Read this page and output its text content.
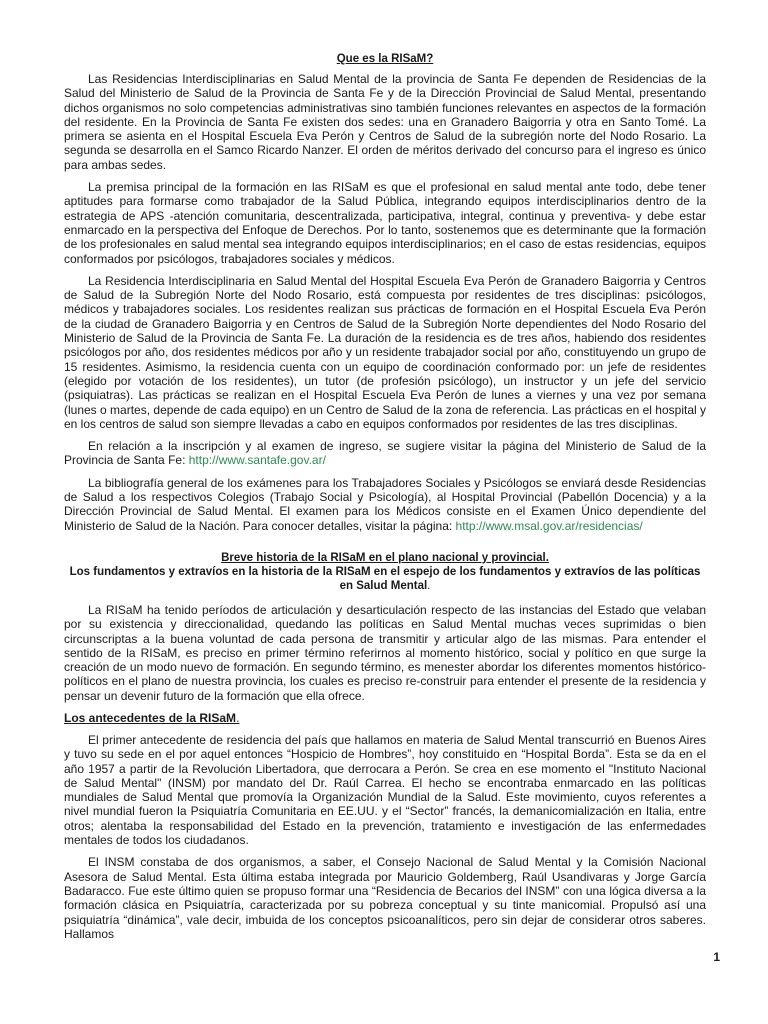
Que es la RISaM?

Las Residencias Interdisciplinarias en Salud Mental de la provincia de Santa Fe dependen de Residencias de la Salud del Ministerio de Salud de la Provincia de Santa Fe y de la Dirección Provincial de Salud Mental, presentando dichos organismos no solo competencias administrativas sino también funciones relevantes en aspectos de la formación del residente. En la Provincia de Santa Fe existen dos sedes: una en Granadero Baigorria y otra en Santo Tomé. La primera se asienta en el Hospital Escuela Eva Perón y Centros de Salud de la subregión norte del Nodo Rosario. La segunda se desarrolla en el Samco Ricardo Nanzer. El orden de méritos derivado del concurso para el ingreso es único para ambas sedes.

La premisa principal de la formación en las RISaM es que el profesional en salud mental ante todo, debe tener aptitudes para formarse como trabajador de la Salud Pública, integrando equipos interdisciplinarios dentro de la estrategia de APS -atención comunitaria, descentralizada, participativa, integral, continua y preventiva- y debe estar enmarcado en la perspectiva del Enfoque de Derechos. Por lo tanto, sostenemos que es determinante que la formación de los profesionales en salud mental sea integrando equipos interdisciplinarios; en el caso de estas residencias, equipos conformados por psicólogos, trabajadores sociales y médicos.

La Residencia Interdisciplinaria en Salud Mental del Hospital Escuela Eva Perón de Granadero Baigorria y Centros de Salud de la Subregión Norte del Nodo Rosario, está compuesta por residentes de tres disciplinas: psicólogos, médicos y trabajadores sociales. Los residentes realizan sus prácticas de formación en el Hospital Escuela Eva Perón de la ciudad de Granadero Baigorria y en Centros de Salud de la Subregión Norte dependientes del Nodo Rosario del Ministerio de Salud de la Provincia de Santa Fe. La duración de la residencia es de tres años, habiendo dos residentes psicólogos por año, dos residentes médicos por año y un residente trabajador social por año, constituyendo un grupo de 15 residentes. Asimismo, la residencia cuenta con un equipo de coordinación conformado por: un jefe de residentes (elegido por votación de los residentes), un tutor (de profesión psicólogo), un instructor y un jefe del servicio (psiquiatras). Las prácticas se realizan en el Hospital Escuela Eva Perón de lunes a viernes y una vez por semana (lunes o martes, depende de cada equipo) en un Centro de Salud de la zona de referencia. Las prácticas en el hospital y en los centros de salud son siempre llevadas a cabo en equipos conformados por residentes de las tres disciplinas.

En relación a la inscripción y al examen de ingreso, se sugiere visitar la página del Ministerio de Salud de la Provincia de Santa Fe: http://www.santafe.gov.ar/

La bibliografía general de los exámenes para los Trabajadores Sociales y Psicólogos se enviará desde Residencias de Salud a los respectivos Colegios (Trabajo Social y Psicología), al Hospital Provincial (Pabellón Docencia) y a la Dirección Provincial de Salud Mental. El examen para los Médicos consiste en el Examen Único dependiente del Ministerio de Salud de la Nación. Para conocer detalles, visitar la página: http://www.msal.gov.ar/residencias/

Breve historia de la RISaM en el plano nacional y provincial.
Los fundamentos y extravíos en la historia de la RISaM en el espejo de los fundamentos y extravíos de las políticas en Salud Mental.

La RISaM ha tenido períodos de articulación y desarticulación respecto de las instancias del Estado que velaban por su existencia y direccionalidad, quedando las políticas en Salud Mental muchas veces suprimidas o bien circunscriptas a la buena voluntad de cada persona de transmitir y articular algo de las mismas. Para entender el sentido de la RISaM, es preciso en primer término referirnos al momento histórico, social y político en que surge la creación de un modo nuevo de formación. En segundo término, es menester abordar los diferentes momentos histórico-políticos en el plano de nuestra provincia, los cuales es preciso re-construir para entender el presente de la residencia y pensar un devenir futuro de la formación que ella ofrece.

Los antecedentes de la RISaM.

El primer antecedente de residencia del país que hallamos en materia de Salud Mental transcurrió en Buenos Aires y tuvo su sede en el por aquel entonces “Hospicio de Hombres”, hoy constituido en “Hospital Borda”. Esta se da en el año 1957 a partir de la Revolución Libertadora, que derrocara a Perón. Se crea en ese momento el "Instituto Nacional de Salud Mental" (INSM) por mandato del Dr. Raúl Carrea. El hecho se encontraba enmarcado en las políticas mundiales de Salud Mental que promovía la Organización Mundial de la Salud. Este movimiento, cuyos referentes a nivel mundial fueron la Psiquiatría Comunitaria en EE.UU. y el “Sector” francés, la demanicomialización en Italia, entre otros; alentaba la responsabilidad del Estado en la prevención, tratamiento e investigación de las enfermedades mentales de todos los ciudadanos.

El INSM constaba de dos organismos, a saber, el Consejo Nacional de Salud Mental y la Comisión Nacional Asesora de Salud Mental. Esta última estaba integrada por Mauricio Goldemberg, Raúl Usandivaras y Jorge García Badaracco. Fue este último quien se propuso formar una “Residencia de Becarios del INSM” con una lógica diversa a la formación clásica en Psiquiatría, caracterizada por su pobreza conceptual y su tinte manicomial. Propulsó así una psiquiatría “dinámica”, vale decir, imbuida de los conceptos psicoanalíticos, pero sin dejar de considerar otros saberes. Hallamos

1
